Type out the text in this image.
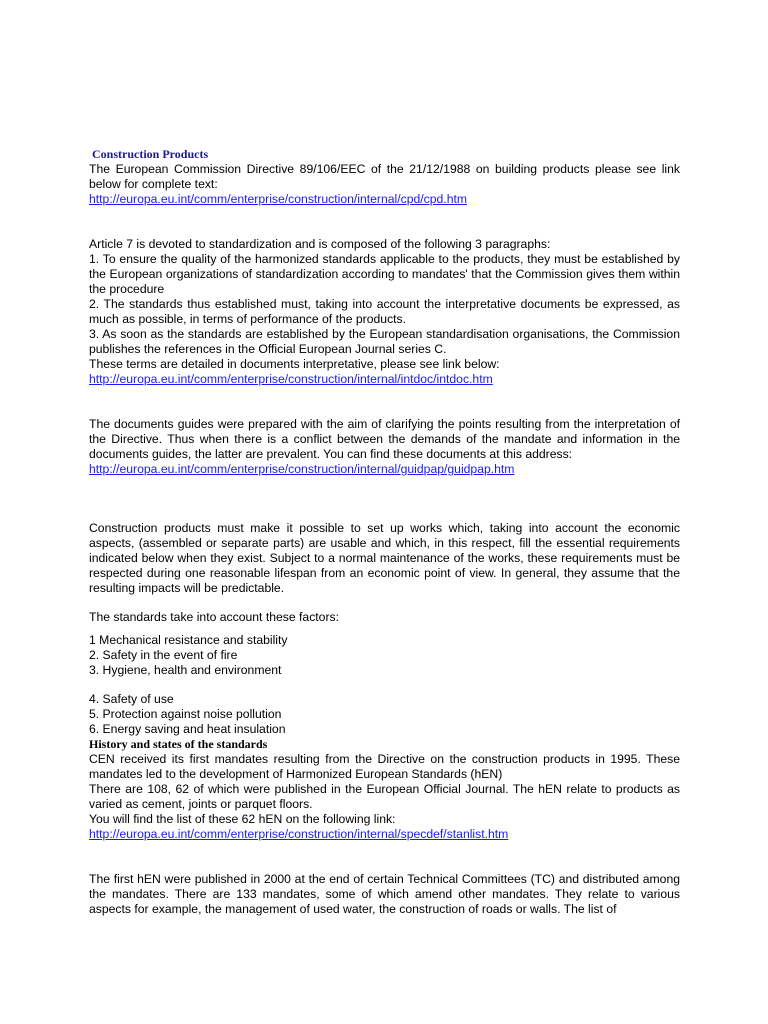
Construction Products

The European Commission Directive 89/106/EEC of the 21/12/1988 on building products please see link below for complete text:

http://europa.eu.int/comm/enterprise/construction/internal/cpd/cpd.htm

Article 7 is devoted to standardization and is composed of the following 3 paragraphs:

1. To ensure the quality of the harmonized standards applicable to the products, they must be established by the European organizations of standardization according to mandates' that the Commission gives them within the procedure

2. The standards thus established must, taking into account the interpretative documents be expressed, as much as possible, in terms of performance of the products.

3. As soon as the standards are established by the European standardisation organisations, the Commission publishes the references in the Official European Journal series C.

These terms are detailed in documents interpretative, please see link below:

http://europa.eu.int/comm/enterprise/construction/internal/intdoc/intdoc.htm

The documents guides were prepared with the aim of clarifying the points resulting from the interpretation of the Directive. Thus when there is a conflict between the demands of the mandate and information in the documents guides, the latter are prevalent. You can find these documents at this address:

http://europa.eu.int/comm/enterprise/construction/internal/guidpap/guidpap.htm

Construction products must make it possible to set up works which, taking into account the economic aspects, (assembled or separate parts) are usable and which, in this respect, fill the essential requirements indicated below when they exist. Subject to a normal maintenance of the works, these requirements must be respected during one reasonable lifespan from an economic point of view. In general, they assume that the resulting impacts will be predictable.

The standards take into account these factors:

1 Mechanical resistance and stability
2. Safety in the event of fire
3. Hygiene, health and environment
4. Safety of use
5. Protection against noise pollution
6. Energy saving and heat insulation
History and states of the standards

CEN received its first mandates resulting from the Directive on the construction products in 1995. These mandates led to the development of Harmonized European Standards (hEN)

There are 108, 62 of which were published in the European Official Journal. The hEN relate to products as varied as cement, joints or parquet floors.

You will find the list of these 62 hEN on the following link:

http://europa.eu.int/comm/enterprise/construction/internal/specdef/stanlist.htm

The first hEN were published in 2000 at the end of certain Technical Committees (TC) and distributed among the mandates. There are 133 mandates, some of which amend other mandates. They relate to various aspects for example, the management of used water, the construction of roads or walls. The list of
